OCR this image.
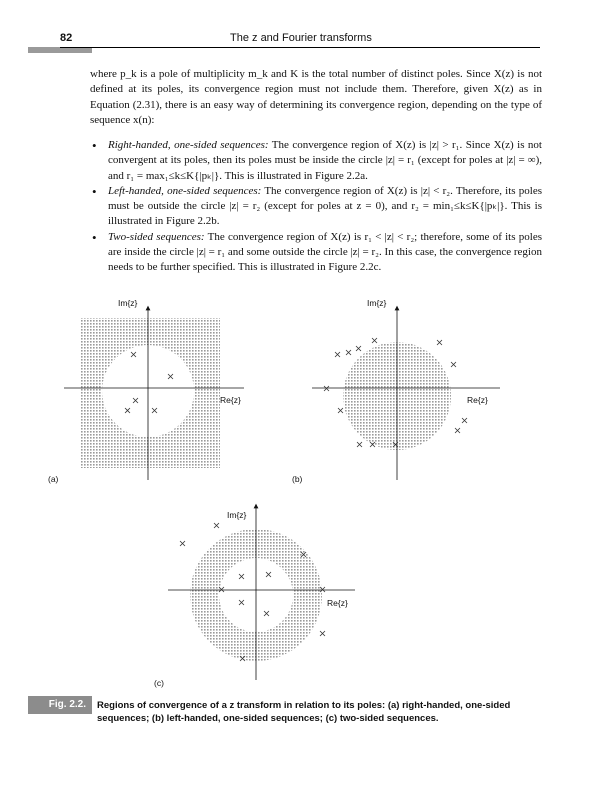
82	The z and Fourier transforms
where p_k is a pole of multiplicity m_k and K is the total number of distinct poles. Since X(z) is not defined at its poles, its convergence region must not include them. Therefore, given X(z) as in Equation (2.31), there is an easy way of determining its convergence region, depending on the type of sequence x(n):
• Right-handed, one-sided sequences: The convergence region of X(z) is |z| > r₁. Since X(z) is not convergent at its poles, then its poles must be inside the circle |z| = r₁ (except for poles at |z| = ∞), and r₁ = max₁≤k≤K{|pₖ|}. This is illustrated in Figure 2.2a.
• Left-handed, one-sided sequences: The convergence region of X(z) is |z| < r₂. Therefore, its poles must be outside the circle |z| = r₂ (except for poles at z = 0), and r₂ = min₁≤k≤K{|pₖ|}. This is illustrated in Figure 2.2b.
• Two-sided sequences: The convergence region of X(z) is r₁ < |z| < r₂; therefore, some of its poles are inside the circle |z| = r₁ and some outside the circle |z| = r₂. In this case, the convergence region needs to be further specified. This is illustrated in Figure 2.2c.
Im{z}
Re{z}
(a)
Im{z}
Re{z}
(b)
Im{z}
Re{z}
(c)
Fig. 2.2.	Regions of convergence of a z transform in relation to its poles: (a) right-handed, one-sided sequences; (b) left-handed, one-sided sequences; (c) two-sided sequences.
